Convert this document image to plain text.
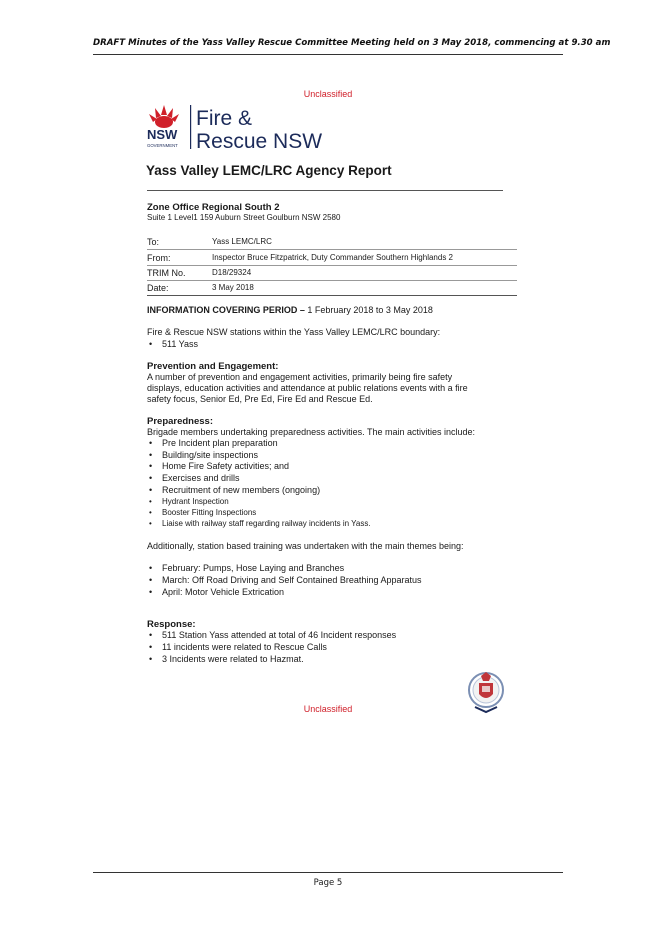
DRAFT Minutes of the Yass Valley Rescue Committee Meeting held on 3 May 2018, commencing at 9.30 am
Unclassified
NSW
GOVERNMENT
Fire &
Rescue NSW
Yass Valley LEMC/LRC Agency Report
Zone Office Regional South 2
Suite 1 Level1 159 Auburn Street Goulburn NSW 2580
To:	Yass LEMC/LRC
From:	Inspector Bruce Fitzpatrick, Duty Commander Southern Highlands 2
TRIM No.	D18/29324
Date:	3 May 2018
INFORMATION COVERING PERIOD – 1 February 2018 to 3 May 2018
Fire & Rescue NSW stations within the Yass Valley LEMC/LRC boundary:
• 511 Yass
Prevention and Engagement:
A number of prevention and engagement activities, primarily being fire safety
displays, education activities and attendance at public relations events with a fire
safety focus, Senior Ed, Pre Ed, Fire Ed and Rescue Ed.
Preparedness:
Brigade members undertaking preparedness activities. The main activities include:
• Pre Incident plan preparation
• Building/site inspections
• Home Fire Safety activities; and
• Exercises and drills
• Recruitment of new members (ongoing)
• Hydrant Inspection
• Booster Fitting Inspections
• Liaise with railway staff regarding railway incidents in Yass.
Additionally, station based training was undertaken with the main themes being:
• February: Pumps, Hose Laying and Branches
• March: Off Road Driving and Self Contained Breathing Apparatus
• April: Motor Vehicle Extrication
Response:
• 511 Station Yass attended at total of 46 Incident responses
• 11 incidents were related to Rescue Calls
• 3 Incidents were related to Hazmat.
Unclassified
Page 5
